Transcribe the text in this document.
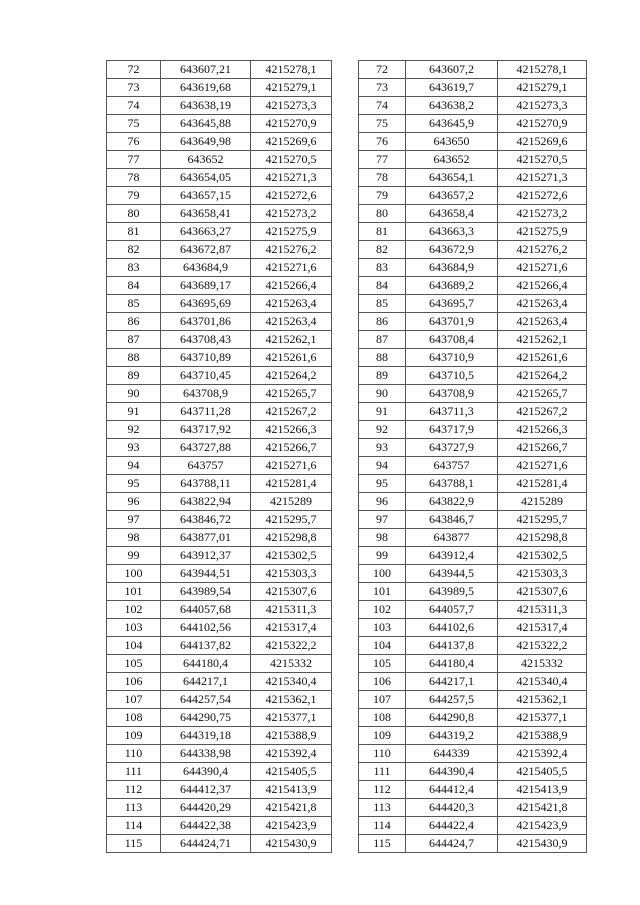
72	643607,21	4215278,1
73	643619,68	4215279,1
74	643638,19	4215273,3
75	643645,88	4215270,9
76	643649,98	4215269,6
77	643652	4215270,5
78	643654,05	4215271,3
79	643657,15	4215272,6
80	643658,41	4215273,2
81	643663,27	4215275,9
82	643672,87	4215276,2
83	643684,9	4215271,6
84	643689,17	4215266,4
85	643695,69	4215263,4
86	643701,86	4215263,4
87	643708,43	4215262,1
88	643710,89	4215261,6
89	643710,45	4215264,2
90	643708,9	4215265,7
91	643711,28	4215267,2
92	643717,92	4215266,3
93	643727,88	4215266,7
94	643757	4215271,6
95	643788,11	4215281,4
96	643822,94	4215289
97	643846,72	4215295,7
98	643877,01	4215298,8
99	643912,37	4215302,5
100	643944,51	4215303,3
101	643989,54	4215307,6
102	644057,68	4215311,3
103	644102,56	4215317,4
104	644137,82	4215322,2
105	644180,4	4215332
106	644217,1	4215340,4
107	644257,54	4215362,1
108	644290,75	4215377,1
109	644319,18	4215388,9
110	644338,98	4215392,4
111	644390,4	4215405,5
112	644412,37	4215413,9
113	644420,29	4215421,8
114	644422,38	4215423,9
115	644424,71	4215430,9
72	643607,2	4215278,1
73	643619,7	4215279,1
74	643638,2	4215273,3
75	643645,9	4215270,9
76	643650	4215269,6
77	643652	4215270,5
78	643654,1	4215271,3
79	643657,2	4215272,6
80	643658,4	4215273,2
81	643663,3	4215275,9
82	643672,9	4215276,2
83	643684,9	4215271,6
84	643689,2	4215266,4
85	643695,7	4215263,4
86	643701,9	4215263,4
87	643708,4	4215262,1
88	643710,9	4215261,6
89	643710,5	4215264,2
90	643708,9	4215265,7
91	643711,3	4215267,2
92	643717,9	4215266,3
93	643727,9	4215266,7
94	643757	4215271,6
95	643788,1	4215281,4
96	643822,9	4215289
97	643846,7	4215295,7
98	643877	4215298,8
99	643912,4	4215302,5
100	643944,5	4215303,3
101	643989,5	4215307,6
102	644057,7	4215311,3
103	644102,6	4215317,4
104	644137,8	4215322,2
105	644180,4	4215332
106	644217,1	4215340,4
107	644257,5	4215362,1
108	644290,8	4215377,1
109	644319,2	4215388,9
110	644339	4215392,4
111	644390,4	4215405,5
112	644412,4	4215413,9
113	644420,3	4215421,8
114	644422,4	4215423,9
115	644424,7	4215430,9
